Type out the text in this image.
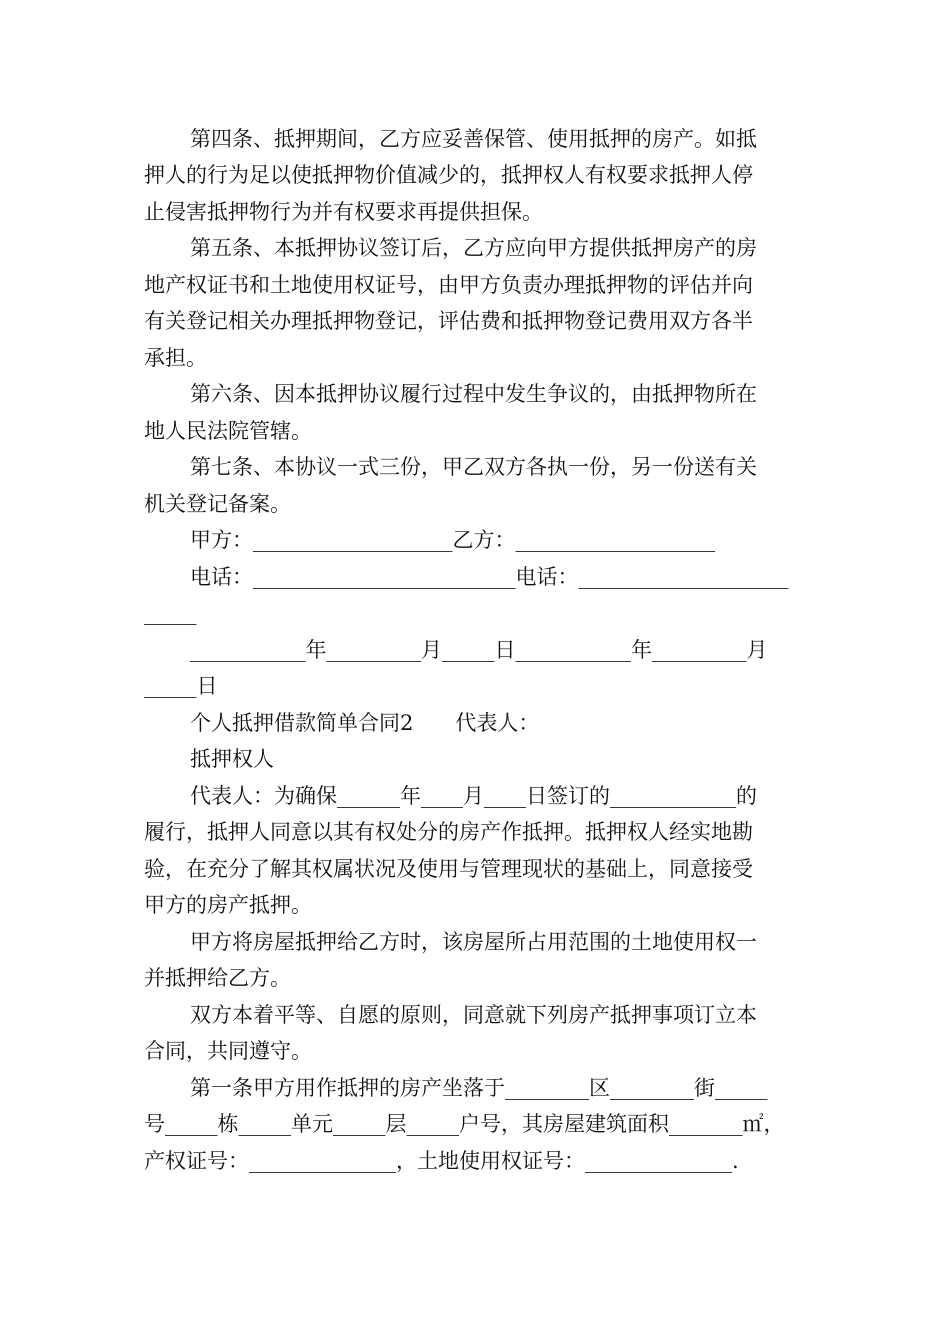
第四条、抵押期间，乙方应妥善保管、使用抵押的房产。如抵
押人的行为足以使抵押物价值减少的，抵押权人有权要求抵押人停
止侵害抵押物行为并有权要求再提供担保。
第五条、本抵押协议签订后，乙方应向甲方提供抵押房产的房
地产权证书和土地使用权证号，由甲方负责办理抵押物的评估并向
有关登记相关办理抵押物登记，评估费和抵押物登记费用双方各半
承担。
第六条、因本抵押协议履行过程中发生争议的，由抵押物所在
地人民法院管辖。
第七条、本协议一式三份，甲乙双方各执一份，另一份送有关
机关登记备案。
甲方：___________________乙方：___________________
电话：_________________________电话：____________________
_____
___________年_________月_____日___________年_________月
_____日
个人抵押借款简单合同2　　代表人：
抵押权人
代表人：为确保______年____月____日签订的____________的
履行，抵押人同意以其有权处分的房产作抵押。抵押权人经实地勘
验，在充分了解其权属状况及使用与管理现状的基础上，同意接受
甲方的房产抵押。
甲方将房屋抵押给乙方时，该房屋所占用范围的土地使用权一
并抵押给乙方。
双方本着平等、自愿的原则，同意就下列房产抵押事项订立本
合同，共同遵守。
第一条甲方用作抵押的房产坐落于________区________街_____
号_____栋_____单元_____层_____户号，其房屋建筑面积_______㎡，
产权证号：______________，土地使用权证号：______________.
